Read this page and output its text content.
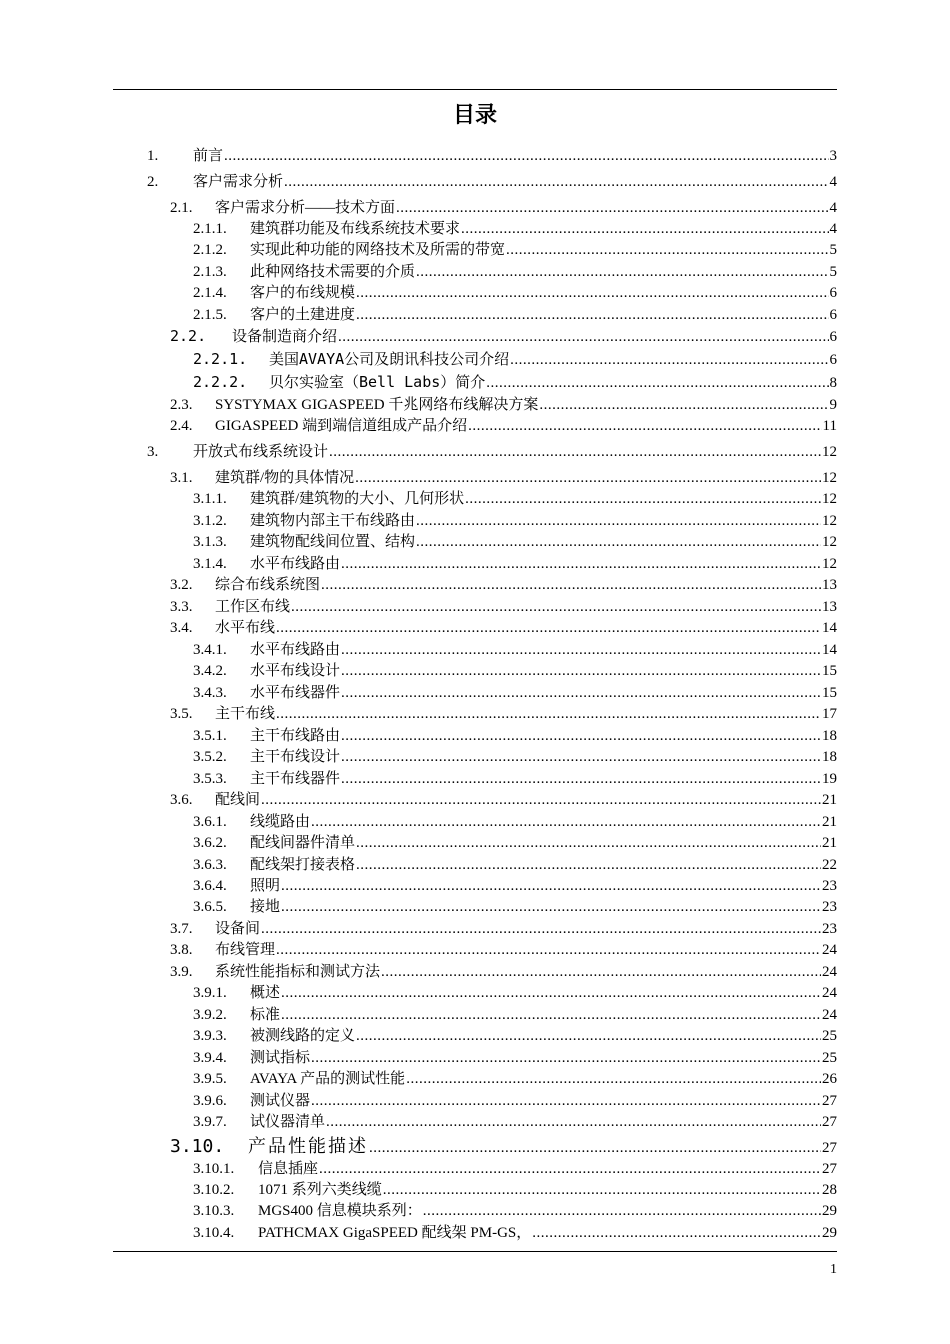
目录
1.	前言 .....	3
2.	客户需求分析 .....	4
2.1.	客户需求分析——技术方面 .....	4
2.1.1.	建筑群功能及布线系统技术要求 .....	4
2.1.2.	实现此种功能的网络技术及所需的带宽 .....	5
2.1.3.	此种网络技术需要的介质 .....	5
2.1.4.	客户的布线规模 .....	6
2.1.5.	客户的土建进度 .....	6
2.2.	设备制造商介绍 .....	6
2.2.1.	美国AVAYA公司及朗讯科技公司介绍 .....	6
2.2.2.	贝尔实验室（Bell Labs）简介 .....	8
2.3.	SYSTYMAX GIGASPEED 千兆网络布线解决方案 .....	9
2.4.	GIGASPEED 端到端信道组成产品介绍 .....	11
3.	开放式布线系统设计 .....	12
3.1.	建筑群/物的具体情况 .....	12
3.1.1.	建筑群/建筑物的大小、几何形状 .....	12
3.1.2.	建筑物内部主干布线路由 .....	12
3.1.3.	建筑物配线间位置、结构 .....	12
3.1.4.	水平布线路由 .....	12
3.2.	综合布线系统图 .....	13
3.3.	工作区布线 .....	13
3.4.	水平布线 .....	14
3.4.1.	水平布线路由 .....	14
3.4.2.	水平布线设计 .....	15
3.4.3.	水平布线器件 .....	15
3.5.	主干布线 .....	17
3.5.1.	主干布线路由 .....	18
3.5.2.	主干布线设计 .....	18
3.5.3.	主干布线器件 .....	19
3.6.	配线间 .....	21
3.6.1.	线缆路由 .....	21
3.6.2.	配线间器件清单 .....	21
3.6.3.	配线架打接表格 .....	22
3.6.4.	照明 .....	23
3.6.5.	接地 .....	23
3.7.	设备间 .....	23
3.8.	布线管理 .....	24
3.9.	系统性能指标和测试方法 .....	24
3.9.1.	概述 .....	24
3.9.2.	标准 .....	24
3.9.3.	被测线路的定义 .....	25
3.9.4.	测试指标 .....	25
3.9.5.	AVAYA 产品的测试性能 .....	26
3.9.6.	测试仪器 .....	27
3.9.7.	试仪器清单 .....	27
3.10.	产品性能描述 .....	27
3.10.1.	信息插座 .....	27
3.10.2.	1071 系列六类线缆 .....	28
3.10.3.	MGS400 信息模块系列： .....	29
3.10.4.	PATHCMAX GigaSPEED 配线架 PM-GS， .....	29
1
